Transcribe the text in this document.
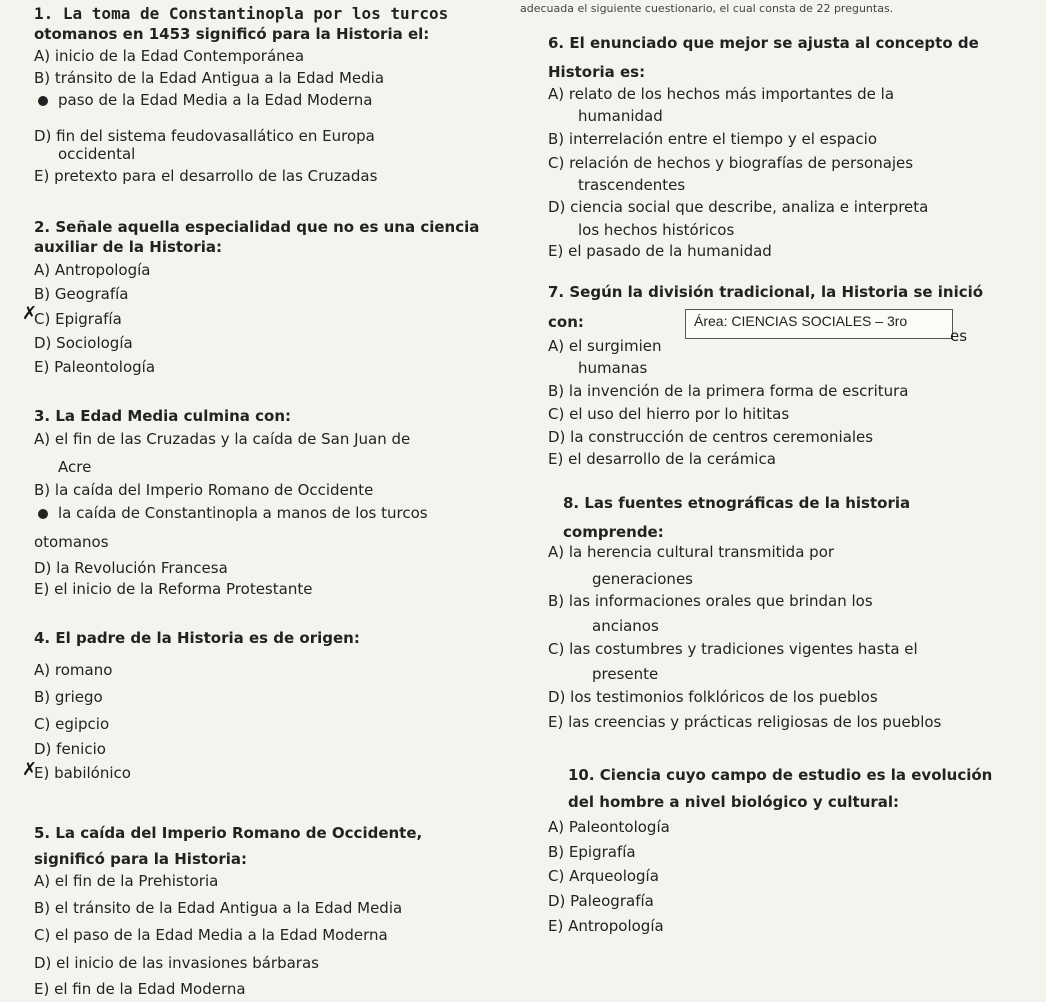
adecuada el siguiente cuestionario, el cual consta de 22 preguntas.
1. La toma de Constantinopla por los turcos
otomanos en 1453 significó para la Historia el:
A) inicio de la Edad Contemporánea
B) tránsito de la Edad Antigua a la Edad Media
paso de la Edad Media a la Edad Moderna
D) fin del sistema feudovasallático en Europa
occidental
E) pretexto para el desarrollo de las Cruzadas
2. Señale aquella especialidad que no es una ciencia
auxiliar de la Historia:
A) Antropología
B) Geografía
✗
C) Epigrafía
D) Sociología
E) Paleontología
3. La Edad Media culmina con:
A) el fin de las Cruzadas y la caída de San Juan de
Acre
B) la caída del Imperio Romano de Occidente
la caída de Constantinopla a manos de los turcos
otomanos
D) la Revolución Francesa
E) el inicio de la Reforma Protestante
4. El padre de la Historia es de origen:
A) romano
B) griego
C) egipcio
D) fenicio
✗
E) babilónico
5. La caída del Imperio Romano de Occidente,
significó para la Historia:
A) el fin de la Prehistoria
B) el tránsito de la Edad Antigua a la Edad Media
C) el paso de la Edad Media a la Edad Moderna
D) el inicio de las invasiones bárbaras
E) el fin de la Edad Moderna
6. El enunciado que mejor se ajusta al concepto de
Historia es:
A) relato de los hechos más importantes de la
humanidad
B) interrelación entre el tiempo y el espacio
C) relación de hechos y biografías de personajes
trascendentes
D) ciencia social que describe, analiza e interpreta
los hechos históricos
E) el pasado de la humanidad
7. Según la división tradicional, la Historia se inició
con:
A) el surgimien
Área: CIENCIAS SOCIALES – 3ro
es
humanas
B) la invención de la primera forma de escritura
C) el uso del hierro por lo hititas
D) la construcción de centros ceremoniales
E) el desarrollo de la cerámica
8. Las fuentes etnográficas de la historia
comprende:
A) la herencia cultural transmitida por
generaciones
B) las informaciones orales que brindan los
ancianos
C) las costumbres y tradiciones vigentes hasta el
presente
D) los testimonios folklóricos de los pueblos
E) las creencias y prácticas religiosas de los pueblos
10. Ciencia cuyo campo de estudio es la evolución
del hombre a nivel biológico y cultural:
A) Paleontología
B) Epigrafía
C) Arqueología
D) Paleografía
E) Antropología
